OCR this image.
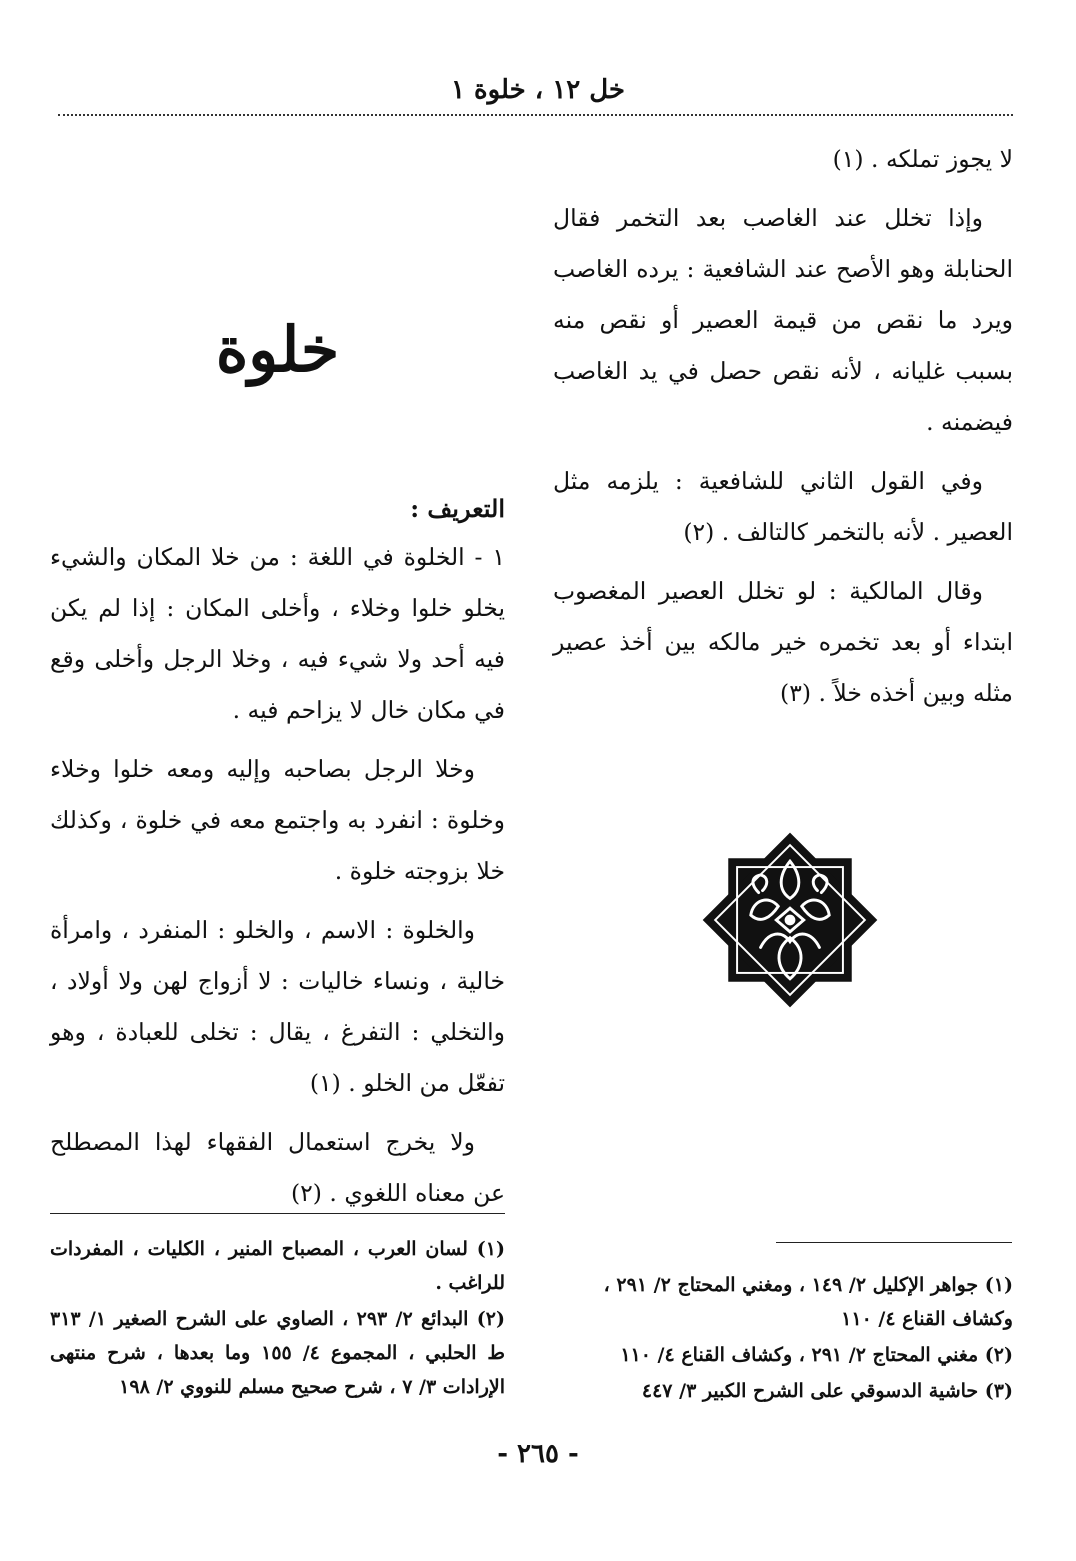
خل ١٢ ، خلوة ١

لا يجوز تملكه . (١)

وإذا تخلل عند الغاصب بعد التخمر فقال الحنابلة وهو الأصح عند الشافعية : يرده الغاصب ويرد ما نقص من قيمة العصير أو نقص منه بسبب غليانه ، لأنه نقص حصل في يد الغاصب فيضمنه .

وفي القول الثاني للشافعية : يلزمه مثل العصير . لأنه بالتخمر كالتالف . (٢)

وقال المالكية : لو تخلل العصير المغصوب ابتداء أو بعد تخمره خير مالكه بين أخذ عصير مثله وبين أخذه خلاً . (٣)

خلوة

التعريف :

١ - الخلوة في اللغة : من خلا المكان والشيء يخلو خلوا وخلاء ، وأخلى المكان : إذا لم يكن فيه أحد ولا شيء فيه ، وخلا الرجل وأخلى وقع في مكان خال لا يزاحم فيه .

وخلا الرجل بصاحبه وإليه ومعه خلوا وخلاء وخلوة : انفرد به واجتمع معه في خلوة ، وكذلك خلا بزوجته خلوة .

والخلوة : الاسم ، والخلو : المنفرد ، وامرأة خالية ، ونساء خاليات : لا أزواج لهن ولا أولاد ، والتخلي : التفرغ ، يقال : تخلى للعبادة ، وهو تفعّل من الخلو . (١)

ولا يخرج استعمال الفقهاء لهذا المصطلح عن معناه اللغوي . (٢)

(١) جواهر الإكليل ٢/ ١٤٩ ، ومغني المحتاج ٢/ ٢٩١ ، وكشاف القناع ٤/ ١١٠

(٢) مغني المحتاج ٢/ ٢٩١ ، وكشاف القناع ٤/ ١١٠

(٣) حاشية الدسوقي على الشرح الكبير ٣/ ٤٤٧

(١) لسان العرب ، المصباح المنير ، الكليات ، المفردات للراغب .

(٢) البدائع ٢/ ٢٩٣ ، الصاوي على الشرح الصغير ١/ ٣١٣ ط الحلبي ، المجموع ٤/ ١٥٥ وما بعدها ، شرح منتهى الإرادات ٣/ ٧ ، شرح صحيح مسلم للنووي ٢/ ١٩٨

- ٢٦٥ -
